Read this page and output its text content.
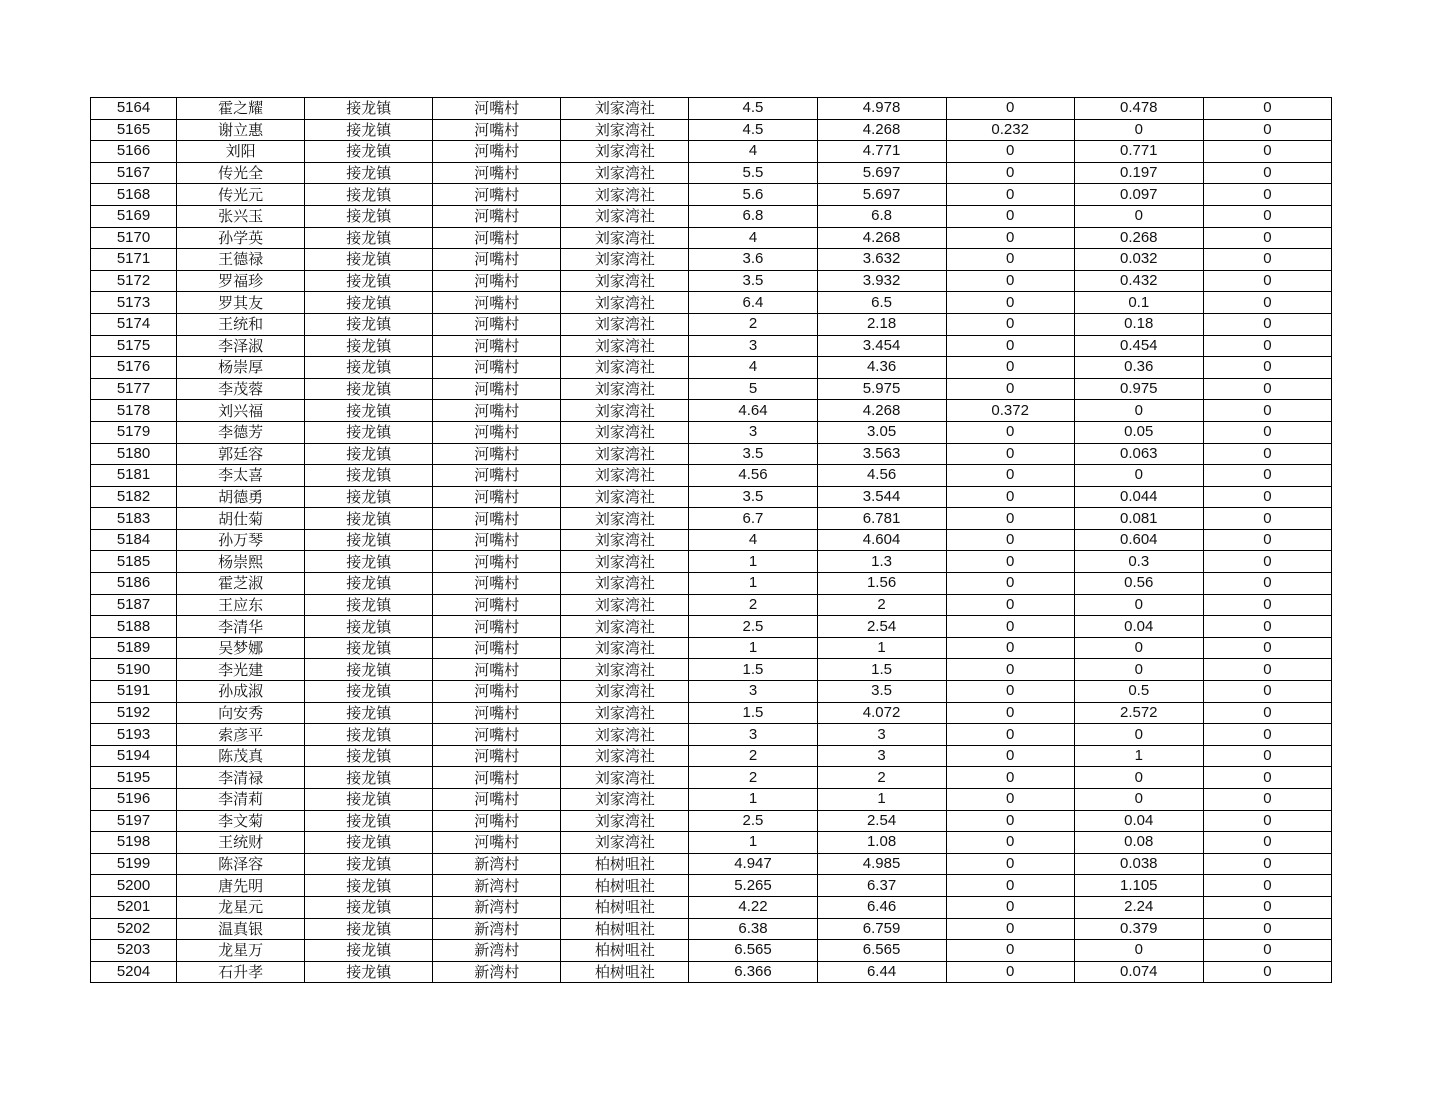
5164	霍之耀	接龙镇	河嘴村	刘家湾社	4.5	4.978	0	0.478	0
5165	谢立惠	接龙镇	河嘴村	刘家湾社	4.5	4.268	0.232	0	0
5166	刘阳	接龙镇	河嘴村	刘家湾社	4	4.771	0	0.771	0
5167	传光全	接龙镇	河嘴村	刘家湾社	5.5	5.697	0	0.197	0
5168	传光元	接龙镇	河嘴村	刘家湾社	5.6	5.697	0	0.097	0
5169	张兴玉	接龙镇	河嘴村	刘家湾社	6.8	6.8	0	0	0
5170	孙学英	接龙镇	河嘴村	刘家湾社	4	4.268	0	0.268	0
5171	王德禄	接龙镇	河嘴村	刘家湾社	3.6	3.632	0	0.032	0
5172	罗福珍	接龙镇	河嘴村	刘家湾社	3.5	3.932	0	0.432	0
5173	罗其友	接龙镇	河嘴村	刘家湾社	6.4	6.5	0	0.1	0
5174	王统和	接龙镇	河嘴村	刘家湾社	2	2.18	0	0.18	0
5175	李泽淑	接龙镇	河嘴村	刘家湾社	3	3.454	0	0.454	0
5176	杨崇厚	接龙镇	河嘴村	刘家湾社	4	4.36	0	0.36	0
5177	李茂蓉	接龙镇	河嘴村	刘家湾社	5	5.975	0	0.975	0
5178	刘兴福	接龙镇	河嘴村	刘家湾社	4.64	4.268	0.372	0	0
5179	李德芳	接龙镇	河嘴村	刘家湾社	3	3.05	0	0.05	0
5180	郭廷容	接龙镇	河嘴村	刘家湾社	3.5	3.563	0	0.063	0
5181	李太喜	接龙镇	河嘴村	刘家湾社	4.56	4.56	0	0	0
5182	胡德勇	接龙镇	河嘴村	刘家湾社	3.5	3.544	0	0.044	0
5183	胡仕菊	接龙镇	河嘴村	刘家湾社	6.7	6.781	0	0.081	0
5184	孙万琴	接龙镇	河嘴村	刘家湾社	4	4.604	0	0.604	0
5185	杨崇熙	接龙镇	河嘴村	刘家湾社	1	1.3	0	0.3	0
5186	霍芝淑	接龙镇	河嘴村	刘家湾社	1	1.56	0	0.56	0
5187	王应东	接龙镇	河嘴村	刘家湾社	2	2	0	0	0
5188	李清华	接龙镇	河嘴村	刘家湾社	2.5	2.54	0	0.04	0
5189	吴梦娜	接龙镇	河嘴村	刘家湾社	1	1	0	0	0
5190	李光建	接龙镇	河嘴村	刘家湾社	1.5	1.5	0	0	0
5191	孙成淑	接龙镇	河嘴村	刘家湾社	3	3.5	0	0.5	0
5192	向安秀	接龙镇	河嘴村	刘家湾社	1.5	4.072	0	2.572	0
5193	索彦平	接龙镇	河嘴村	刘家湾社	3	3	0	0	0
5194	陈茂真	接龙镇	河嘴村	刘家湾社	2	3	0	1	0
5195	李清禄	接龙镇	河嘴村	刘家湾社	2	2	0	0	0
5196	李清莉	接龙镇	河嘴村	刘家湾社	1	1	0	0	0
5197	李文菊	接龙镇	河嘴村	刘家湾社	2.5	2.54	0	0.04	0
5198	王统财	接龙镇	河嘴村	刘家湾社	1	1.08	0	0.08	0
5199	陈泽容	接龙镇	新湾村	柏树咀社	4.947	4.985	0	0.038	0
5200	唐先明	接龙镇	新湾村	柏树咀社	5.265	6.37	0	1.105	0
5201	龙星元	接龙镇	新湾村	柏树咀社	4.22	6.46	0	2.24	0
5202	温真银	接龙镇	新湾村	柏树咀社	6.38	6.759	0	0.379	0
5203	龙星万	接龙镇	新湾村	柏树咀社	6.565	6.565	0	0	0
5204	石升孝	接龙镇	新湾村	柏树咀社	6.366	6.44	0	0.074	0
